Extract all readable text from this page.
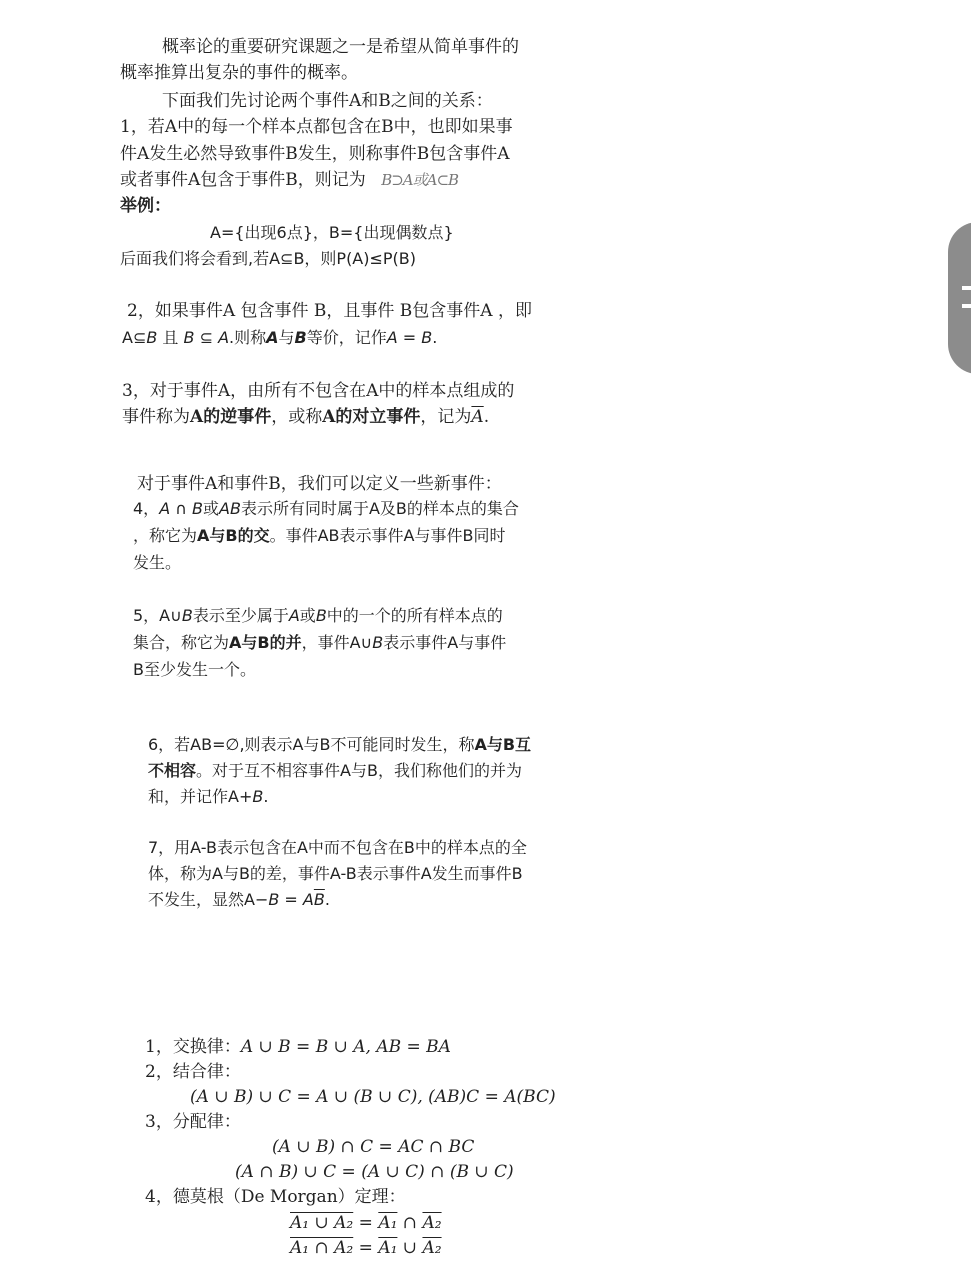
概率论的重要研究课题之一是希望从简单事件的
概率推算出复杂的事件的概率。
下面我们先讨论两个事件A和B之间的关系：
1，若A中的每一个样本点都包含在B中，也即如果事
件A发生必然导致事件B发生，则称事件B包含事件A
或者事件A包含于事件B，则记为 B⊃A或A⊂B
举例：
A={出现6点}，B={出现偶数点}
后面我们将会看到,若A⊆B，则P(A)≤P(B)
2，如果事件A 包含事件 B，且事件 B包含事件A ，即
A⊆B 且 B ⊆ A.则称A与B等价，记作A = B.
3，对于事件A，由所有不包含在A中的样本点组成的
事件称为A的逆事件，或称A的对立事件，记为$\overline{A}$.
对于事件A和事件B，我们可以定义一些新事件：
4，A ∩ B或AB表示所有同时属于A及B的样本点的集合
，称它为A与B的交。事件AB表示事件A与事件B同时
发生。
5，A∪B表示至少属于A或B中的一个的所有样本点的
集合，称它为A与B的并，事件A∪B表示事件A与事件
B至少发生一个。
6，若AB=∅,则表示A与B不可能同时发生，称A与B互
不相容。对于互不相容事件A与B，我们称他们的并为
和，并记作A+B.
7，用A-B表示包含在A中而不包含在B中的样本点的全
体，称为A与B的差，事件A-B表示事件A发生而事件B
不发生，显然$A-B = A\overline{B}$.
1，交换律：A ∪ B = B ∪ A, AB = BA
2，结合律：
(A ∪ B) ∪ C = A ∪ (B ∪ C), (AB)C = A(BC)
3，分配律：
(A ∪ B) ∩ C = AC ∩ BC
(A ∩ B) ∪ C = (A ∪ C) ∩ (B ∪ C)
4，德莫根（De Morgan）定理：
A₁ ∪ A₂ = A₁ ∩ A₂
A₁ ∩ A₂ = A₁ ∪ A₂
